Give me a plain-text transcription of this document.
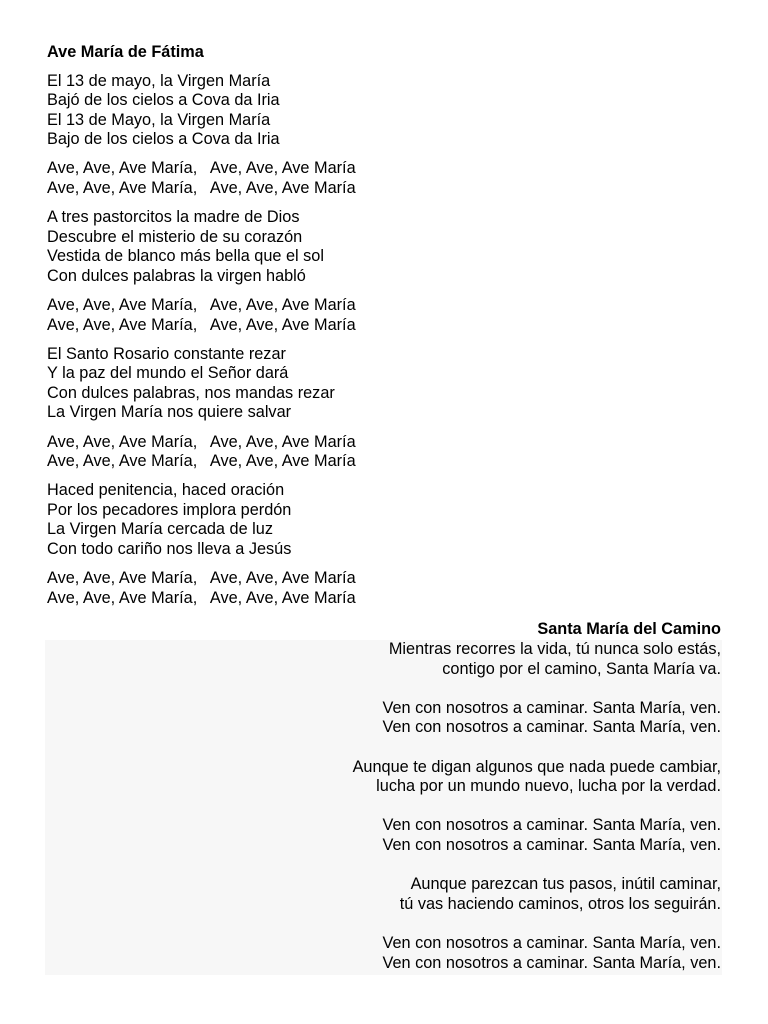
Ave María de Fátima
El 13 de mayo, la Virgen María
Bajó de los cielos a Cova da Iria
El 13 de Mayo, la Virgen María
Bajo de los cielos a Cova da Iria
Ave, Ave, Ave María,   Ave, Ave, Ave María
Ave, Ave, Ave María,   Ave, Ave, Ave María
A tres pastorcitos la madre de Dios
Descubre el misterio de su corazón
Vestida de blanco más bella que el sol
Con dulces palabras la virgen habló
Ave, Ave, Ave María,   Ave, Ave, Ave María
Ave, Ave, Ave María,   Ave, Ave, Ave María
El Santo Rosario constante rezar
Y la paz del mundo el Señor dará
Con dulces palabras, nos mandas rezar
La Virgen María nos quiere salvar
Ave, Ave, Ave María,   Ave, Ave, Ave María
Ave, Ave, Ave María,   Ave, Ave, Ave María
Haced penitencia, haced oración
Por los pecadores implora perdón
La Virgen María cercada de luz
Con todo cariño nos lleva a Jesús
Ave, Ave, Ave María,   Ave, Ave, Ave María
Ave, Ave, Ave María,   Ave, Ave, Ave María
Santa María del Camino
Mientras recorres la vida, tú nunca solo estás,
contigo por el camino, Santa María va.
Ven con nosotros a caminar. Santa María, ven.
Ven con nosotros a caminar. Santa María, ven.
Aunque te digan algunos que nada puede cambiar,
lucha por un mundo nuevo, lucha por la verdad.
Ven con nosotros a caminar. Santa María, ven.
Ven con nosotros a caminar. Santa María, ven.
Aunque parezcan tus pasos, inútil caminar,
tú vas haciendo caminos, otros los seguirán.
Ven con nosotros a caminar. Santa María, ven.
Ven con nosotros a caminar. Santa María, ven.
